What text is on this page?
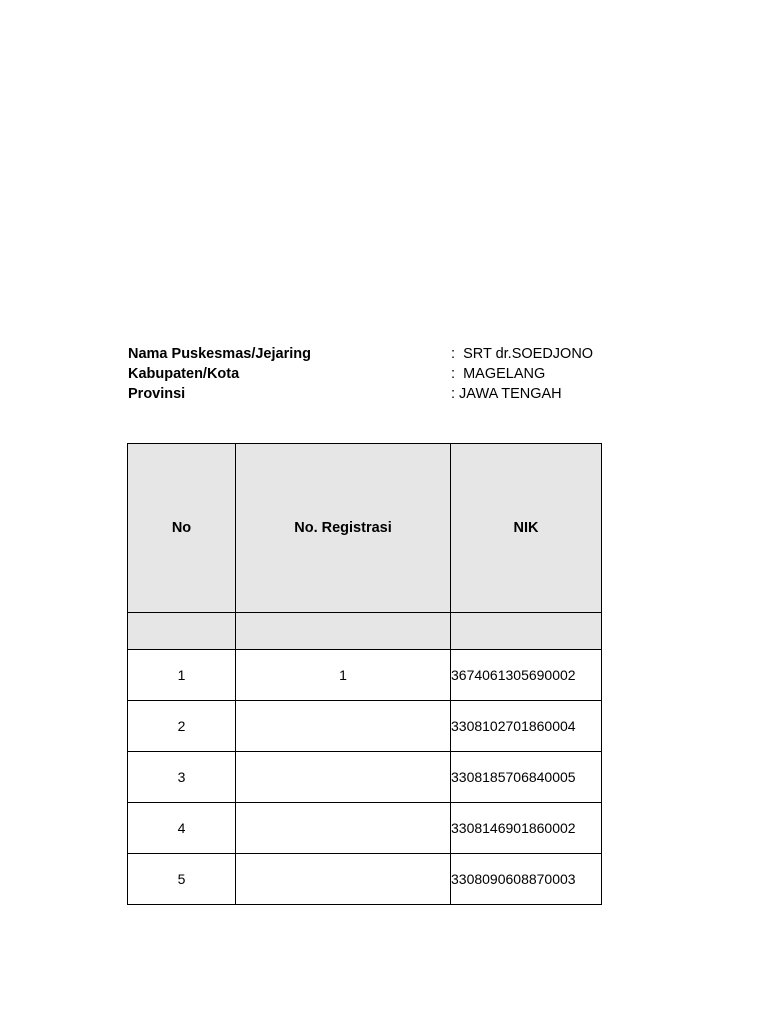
Nama Puskesmas/Jejaring	:  SRT dr.SOEDJONO
Kabupaten/Kota	:  MAGELANG
Provinsi	: JAWA TENGAH
No	No. Registrasi	NIK

1	1	3674061305690002
2		3308102701860004
3		3308185706840005
4		3308146901860002
5		3308090608870003
